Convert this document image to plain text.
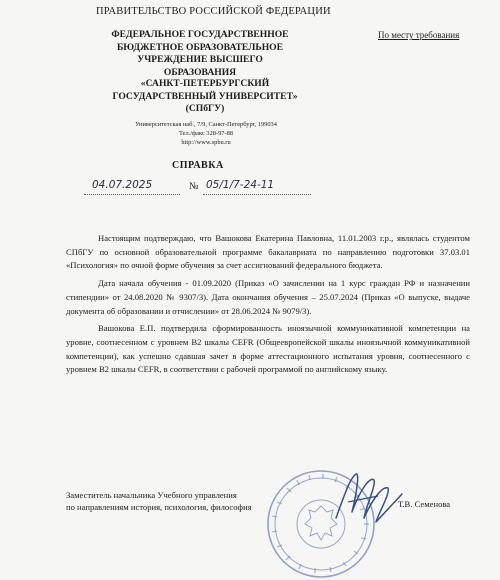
ПРАВИТЕЛЬСТВО РОССИЙСКОЙ ФЕДЕРАЦИИ
ФЕДЕРАЛЬНОЕ ГОСУДАРСТВЕННОЕ
БЮДЖЕТНОЕ ОБРАЗОВАТЕЛЬНОЕ
УЧРЕЖДЕНИЕ ВЫСШЕГО ОБРАЗОВАНИЯ
«САНКТ-ПЕТЕРБУРГСКИЙ
ГОСУДАРСТВЕННЫЙ УНИВЕРСИТЕТ»
(СПбГУ)
Университетская наб., 7/9, Санкт-Петербург, 199034
Тел./факс 328-97-88
http://www.spbu.ru
По месту требования
СПРАВКА
04.07.2025	№ 05/1/7-24-11

Настоящим подтверждаю, что Вашокова Екатерина Павловна, 11.01.2003 г.р., являлась студентом СПбГУ по основной образовательной программе бакалавриата по направлению подготовки 37.03.01 «Психология» по очной форме обучения за счет ассигнований федерального бюджета.

Дата начала обучения - 01.09.2020 (Приказ «О зачислении на 1 курс граждан РФ и назначении стипендии» от 24.08.2020 № 9307/3). Дата окончания обучения – 25.07.2024 (Приказ «О выпуске, выдаче документа об образовании и отчислении» от 28.06.2024 № 9079/3).

Вашокова Е.П. подтвердила сформированность иноязычной коммуникативной компетенции на уровне, соотнесенном с уровнем B2 шкалы CEFR (Общеевропейской шкалы иноязычной коммуникативной компетенции), как успешно сдавшая зачет в форме аттестационного испытания уровня, соотнесенного с уровнем B2 шкалы CEFR, в соответствии с рабочей программой по английскому языку.

Заместитель начальника Учебного управления
по направлениям история, психология, философия	Т.В. Семенова
